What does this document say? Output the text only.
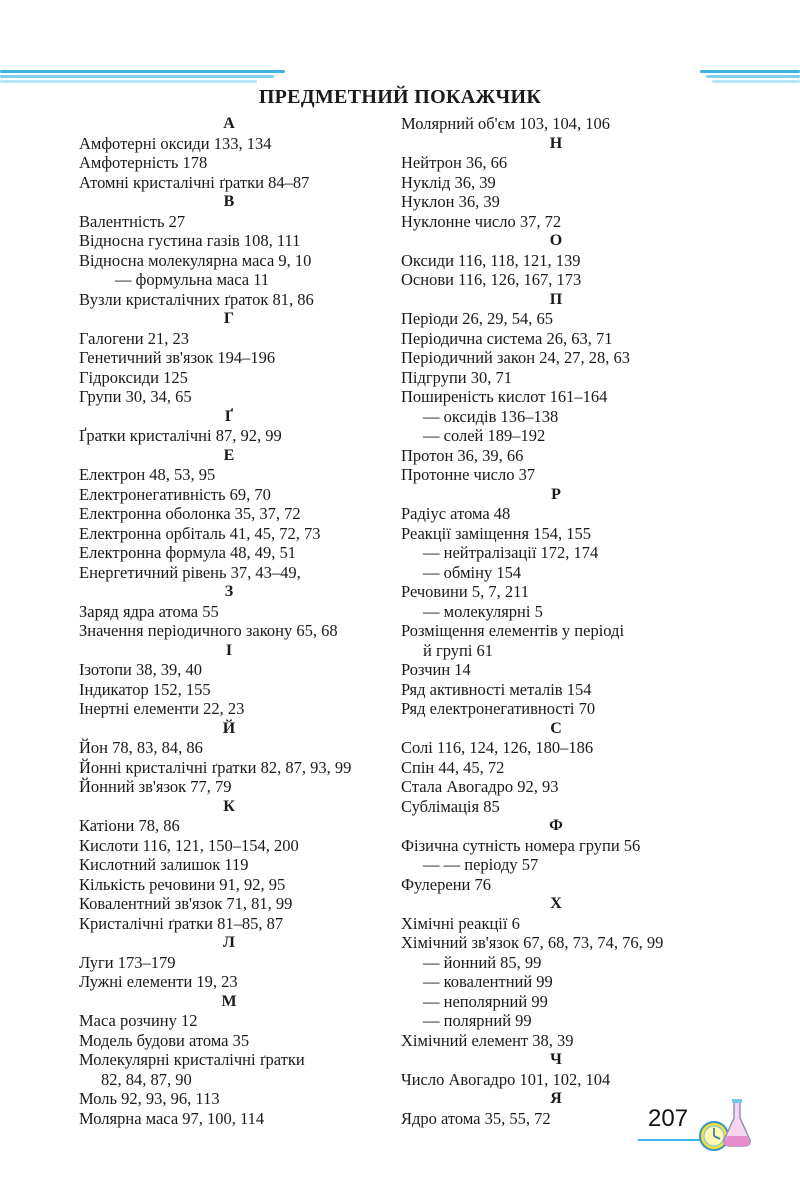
ПРЕДМЕТНИЙ ПОКАЖЧИК
A
Амфотерні оксиди 133, 134
Амфотерність 178
Атомні кристалічні ґратки 84–87
В
Валентність 27
Відносна густина газів 108, 111
Відносна молекулярна маса 9, 10
— формульна маса 11
Вузли кристалічних ґраток 81, 86
Г
Галогени 21, 23
Генетичний зв'язок 194–196
Гідроксиди 125
Групи 30, 34, 65
Ґ
Ґратки кристалічні 87, 92, 99
Е
Електрон 48, 53, 95
Електронегативність 69, 70
Електронна оболонка 35, 37, 72
Електронна орбіталь 41, 45, 72, 73
Електронна формула 48, 49, 51
Енергетичний рівень 37, 43–49,
З
Заряд ядра атома 55
Значення періодичного закону 65, 68
І
Ізотопи 38, 39, 40
Індикатор 152, 155
Інертні елементи 22, 23
Й
Йон 78, 83, 84, 86
Йонні кристалічні ґратки 82, 87, 93, 99
Йонний зв'язок 77, 79
К
Катіони 78, 86
Кислоти 116, 121, 150–154, 200
Кислотний залишок 119
Кількість речовини 91, 92, 95
Ковалентний зв'язок 71, 81, 99
Кристалічні ґратки 81–85, 87
Л
Луги 173–179
Лужні елементи 19, 23
М
Маса розчину 12
Модель будови атома 35
Молекулярні кристалічні ґратки
82, 84, 87, 90
Моль 92, 93, 96, 113
Молярна маса 97, 100, 114
Молярний об'єм 103, 104, 106
Н
Нейтрон 36, 66
Нуклід 36, 39
Нуклон 36, 39
Нуклонне число 37, 72
О
Оксиди 116, 118, 121, 139
Основи 116, 126, 167, 173
П
Періоди 26, 29, 54, 65
Періодична система 26, 63, 71
Періодичний закон 24, 27, 28, 63
Підгрупи 30, 71
Поширеність кислот 161–164
— оксидів 136–138
— солей 189–192
Протон 36, 39, 66
Протонне число 37
Р
Радіус атома 48
Реакції заміщення 154, 155
— нейтралізації 172, 174
— обміну 154
Речовини 5, 7, 211
— молекулярні 5
Розміщення елементів у періоді
й групі 61
Розчин 14
Ряд активності металів 154
Ряд електронегативності 70
С
Солі 116, 124, 126, 180–186
Спін 44, 45, 72
Стала Авогадро 92, 93
Сублімація 85
Ф
Фізична сутність номера групи 56
— — періоду 57
Фулерени 76
Х
Хімічні реакції 6
Хімічний зв'язок 67, 68, 73, 74, 76, 99
— йонний 85, 99
— ковалентний 99
— неполярний 99
— полярний 99
Хімічний елемент 38, 39
Ч
Число Авогадро 101, 102, 104
Я
Ядро атома 35, 55, 72	207
